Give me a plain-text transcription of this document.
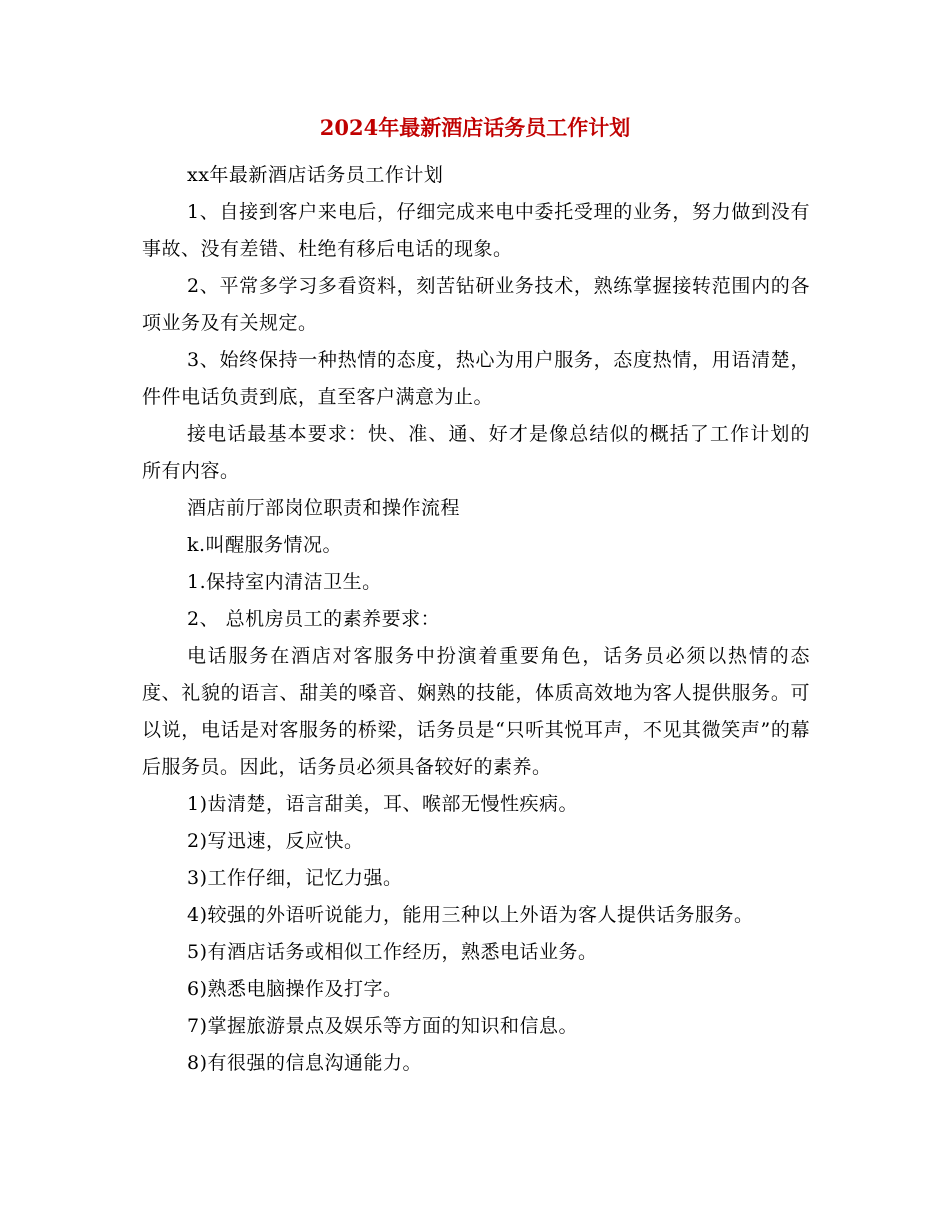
2024年最新酒店话务员工作计划

xx年最新酒店话务员工作计划

1、自接到客户来电后，仔细完成来电中委托受理的业务，努力做到没有事故、没有差错、杜绝有移后电话的现象。

2、平常多学习多看资料，刻苦钻研业务技术，熟练掌握接转范围内的各项业务及有关规定。

3、始终保持一种热情的态度，热心为用户服务，态度热情，用语清楚，件件电话负责到底，直至客户满意为止。

接电话最基本要求：快、准、通、好才是像总结似的概括了工作计划的所有内容。

酒店前厅部岗位职责和操作流程

k.叫醒服务情况。

1.保持室内清洁卫生。

2、 总机房员工的素养要求：

电话服务在酒店对客服务中扮演着重要角色，话务员必须以热情的态度、礼貌的语言、甜美的嗓音、娴熟的技能，体质高效地为客人提供服务。可以说，电话是对客服务的桥梁，话务员是“只听其悦耳声，不见其微笑声”的幕后服务员。因此，话务员必须具备较好的素养。

1)齿清楚，语言甜美，耳、喉部无慢性疾病。

2)写迅速，反应快。

3)工作仔细，记忆力强。

4)较强的外语听说能力，能用三种以上外语为客人提供话务服务。

5)有酒店话务或相似工作经历，熟悉电话业务。

6)熟悉电脑操作及打字。

7)掌握旅游景点及娱乐等方面的知识和信息。

8)有很强的信息沟通能力。
